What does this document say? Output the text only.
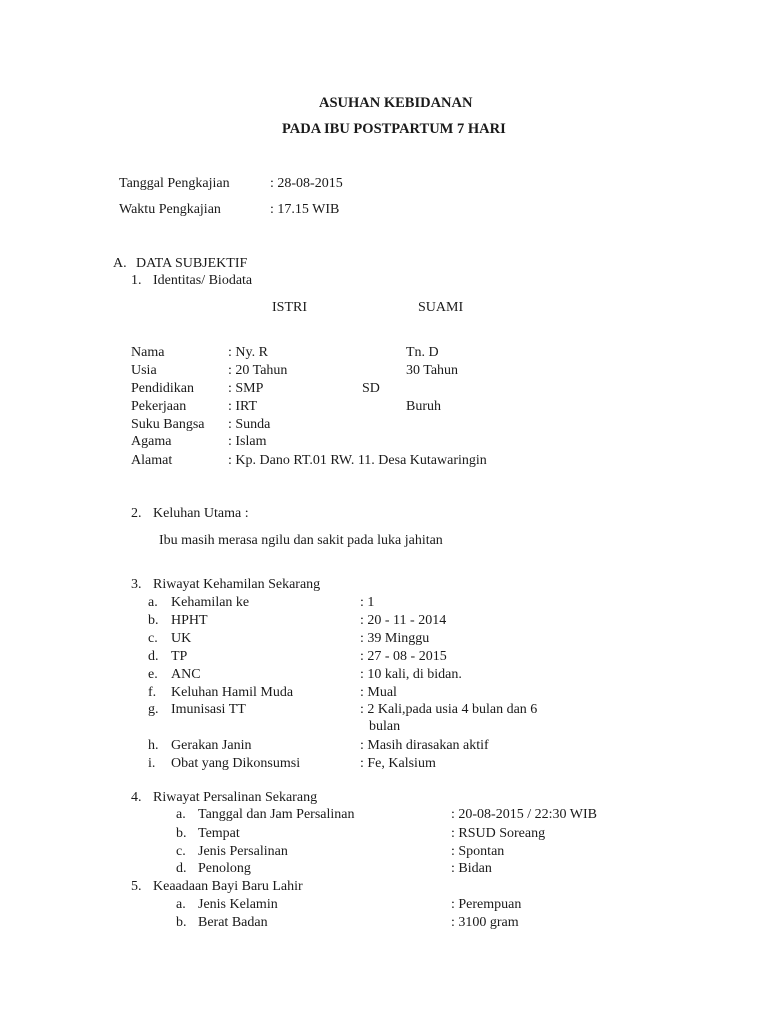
ASUHAN KEBIDANAN
PADA IBU POSTPARTUM 7 HARI
Tanggal Pengkajian	: 28-08-2015
Waktu Pengkajian	: 17.15 WIB
A. DATA SUBJEKTIF
1. Identitas/ Biodata
ISTRI	SUAMI
Nama	: Ny. R	Tn. D
Usia	: 20 Tahun	30 Tahun
Pendidikan : SMP	SD
Pekerjaan	: IRT	Buruh
Suku Bangsa : Sunda
Agama	: Islam
Alamat	: Kp. Dano RT.01 RW. 11. Desa Kutawaringin
2. Keluhan Utama :
Ibu masih merasa ngilu dan sakit pada luka jahitan
3. Riwayat Kehamilan Sekarang
a. Kehamilan ke	: 1
b. HPHT	: 20 - 11 - 2014
c. UK	: 39 Minggu
d. TP	: 27 - 08 - 2015
e. ANC	: 10 kali, di bidan.
f. Keluhan Hamil Muda	: Mual
g. Imunisasi TT	: 2 Kali,pada usia 4 bulan dan 6
bulan
h. Gerakan Janin	: Masih dirasakan aktif
i. Obat yang Dikonsumsi	: Fe, Kalsium
4. Riwayat Persalinan Sekarang
a. Tanggal dan Jam Persalinan	: 20-08-2015 / 22:30 WIB
b. Tempat	: RSUD Soreang
c. Jenis Persalinan	: Spontan
d. Penolong	: Bidan
5. Keaadaan Bayi Baru Lahir
a. Jenis Kelamin	: Perempuan
b. Berat Badan	: 3100 gram
